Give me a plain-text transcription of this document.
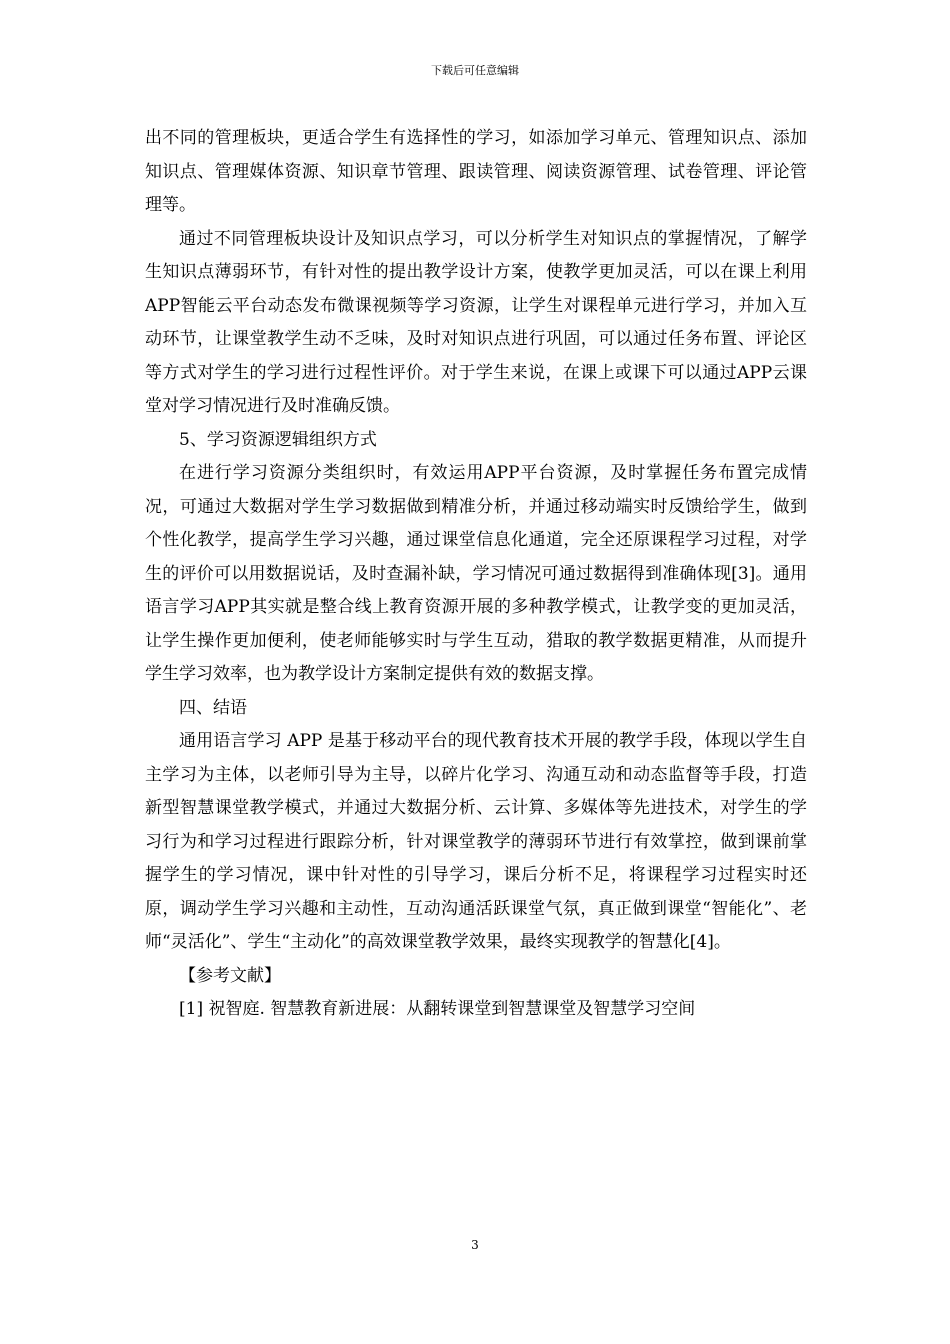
下载后可任意编辑

出不同的管理板块，更适合学生有选择性的学习，如添加学习单元、管理知识点、添加知识点、管理媒体资源、知识章节管理、跟读管理、阅读资源管理、试卷管理、评论管理等。

通过不同管理板块设计及知识点学习，可以分析学生对知识点的掌握情况，了解学生知识点薄弱环节，有针对性的提出教学设计方案，使教学更加灵活，可以在课上利用APP智能云平台动态发布微课视频等学习资源，让学生对课程单元进行学习，并加入互动环节，让课堂教学生动不乏味，及时对知识点进行巩固，可以通过任务布置、评论区等方式对学生的学习进行过程性评价。对于学生来说，在课上或课下可以通过APP云课堂对学习情况进行及时准确反馈。

5、学习资源逻辑组织方式

在进行学习资源分类组织时，有效运用APP平台资源，及时掌握任务布置完成情况，可通过大数据对学生学习数据做到精准分析，并通过移动端实时反馈给学生，做到个性化教学，提高学生学习兴趣，通过课堂信息化通道，完全还原课程学习过程，对学生的评价可以用数据说话，及时查漏补缺，学习情况可通过数据得到准确体现[3]。通用语言学习APP其实就是整合线上教育资源开展的多种教学模式，让教学变的更加灵活，让学生操作更加便利，使老师能够实时与学生互动，猎取的教学数据更精准，从而提升学生学习效率，也为教学设计方案制定提供有效的数据支撑。

四、结语

通用语言学习 APP 是基于移动平台的现代教育技术开展的教学手段，体现以学生自主学习为主体，以老师引导为主导，以碎片化学习、沟通互动和动态监督等手段，打造新型智慧课堂教学模式，并通过大数据分析、云计算、多媒体等先进技术，对学生的学习行为和学习过程进行跟踪分析，针对课堂教学的薄弱环节进行有效掌控，做到课前掌握学生的学习情况，课中针对性的引导学习，课后分析不足，将课程学习过程实时还原，调动学生学习兴趣和主动性，互动沟通活跃课堂气氛，真正做到课堂“智能化”、老师“灵活化”、学生“主动化”的高效课堂教学效果，最终实现教学的智慧化[4]。

【参考文献】

[1] 祝智庭. 智慧教育新进展：从翻转课堂到智慧课堂及智慧学习空间

3
